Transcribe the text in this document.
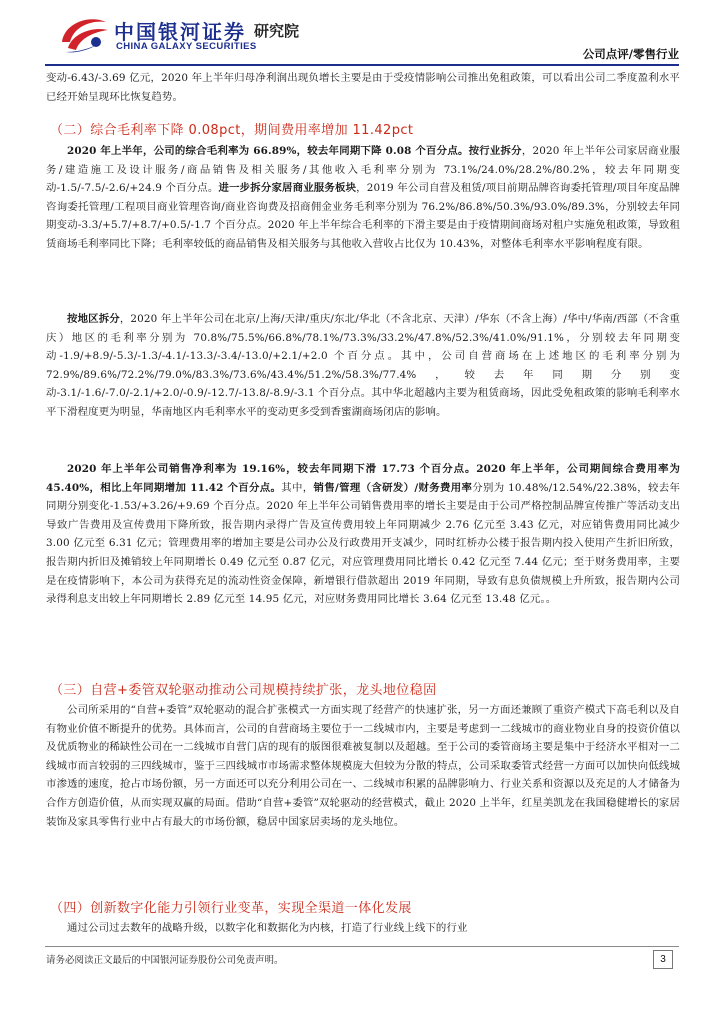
中国银河证券
CHINA GALAXY SECURITIES
研究院
公司点评/零售行业

变动-6.43/-3.69 亿元，2020 年上半年归母净利润出现负增长主要是由于受疫情影响公司推出免租政策，可以看出公司二季度盈利水平已经开始呈现环比恢复趋势。

（二）综合毛利率下降 0.08pct，期间费用率增加 11.42pct

2020 年上半年，公司的综合毛利率为 66.89%，较去年同期下降 0.08 个百分点。按行业拆分，2020 年上半年公司家居商业服务/建造施工及设计服务/商品销售及相关服务/其他收入毛利率分别为 73.1%/24.0%/28.2%/80.2%，较去年同期变动-1.5/-7.5/-2.6/+24.9 个百分点。进一步拆分家居商业服务板块，2019 年公司自营及租赁/项目前期品牌咨询委托管理/项目年度品牌咨询委托管理/工程项目商业管理咨询/商业咨询费及招商佣金业务毛利率分别为 76.2%/86.8%/50.3%/93.0%/89.3%，分别较去年同期变动-3.3/+5.7/+8.7/+0.5/-1.7 个百分点。2020 年上半年综合毛利率的下滑主要是由于疫情期间商场对租户实施免租政策，导致租赁商场毛利率同比下降；毛利率较低的商品销售及相关服务与其他收入营收占比仅为 10.43%，对整体毛利率水平影响程度有限。

按地区拆分，2020 年上半年公司在北京/上海/天津/重庆/东北/华北（不含北京、天津）/华东（不含上海）/华中/华南/西部（不含重庆）地区的毛利率分别为 70.8%/75.5%/66.8%/78.1%/73.3%/33.2%/47.8%/52.3%/41.0%/91.1%，分别较去年同期变动-1.9/+8.9/-5.3/-1.3/-4.1/-13.3/-3.4/-13.0/+2.1/+2.0 个百分点。其中，公司自营商场在上述地区的毛利率分别为 72.9%/89.6%/72.2%/79.0%/83.3%/73.6%/43.4%/51.2%/58.3%/77.4%，较去年同期分别变动-3.1/-1.6/-7.0/-2.1/+2.0/-0.9/-12.7/-13.8/-8.9/-3.1 个百分点。其中华北超越内主要为租赁商场，因此受免租政策的影响毛利率水平下滑程度更为明显，华南地区内毛利率水平的变动更多受到香蜜湖商场闭店的影响。

2020 年上半年公司销售净利率为 19.16%，较去年同期下滑 17.73 个百分点。2020 年上半年，公司期间综合费用率为 45.40%，相比上年同期增加 11.42 个百分点。其中，销售/管理（含研发）/财务费用率分别为 10.48%/12.54%/22.38%，较去年同期分别变化-1.53/+3.26/+9.69 个百分点。2020 年上半年公司销售费用率的增长主要是由于公司严格控制品牌宣传推广等活动支出导致广告费用及宣传费用下降所致，报告期内录得广告及宣传费用较上年同期减少 2.76 亿元至 3.43 亿元，对应销售费用同比减少 3.00 亿元至 6.31 亿元；管理费用率的增加主要是公司办公及行政费用开支减少，同时红桥办公楼于报告期内投入使用产生折旧所致，报告期内折旧及摊销较上年同期增长 0.49 亿元至 0.87 亿元，对应管理费用同比增长 0.42 亿元至 7.44 亿元；至于财务费用率，主要是在疫情影响下，本公司为获得充足的流动性资金保障，新增银行借款超出 2019 年同期，导致有息负债规模上升所致，报告期内公司录得利息支出较上年同期增长 2.89 亿元至 14.95 亿元，对应财务费用同比增长 3.64 亿元至 13.48 亿元。。

（三）自营+委管双轮驱动推动公司规模持续扩张，龙头地位稳固

公司所采用的“自营+委管”双轮驱动的混合扩张模式一方面实现了经营产的快速扩张，另一方面还兼顾了重资产模式下高毛利以及自有物业价值不断提升的优势。具体而言，公司的自营商场主要位于一二线城市内，主要是考虑到一二线城市的商业物业自身的投资价值以及优质物业的稀缺性公司在一二线城市自营门店的现有的版图很难被复制以及超越。至于公司的委管商场主要是集中于经济水平相对一二线城市而言较弱的三四线城市，鉴于三四线城市市场需求整体规模庞大但较为分散的特点，公司采取委管式经营一方面可以加快向低线城市渗透的速度，抢占市场份额，另一方面还可以充分利用公司在一、二线城市积累的品牌影响力、行业关系和资源以及充足的人才储备为合作方创造价值，从而实现双赢的局面。借助“自营+委管”双轮驱动的经营模式，截止 2020 上半年，红星美凯龙在我国稳健增长的家居装饰及家具零售行业中占有最大的市场份额，稳居中国家居卖场的龙头地位。

（四）创新数字化能力引领行业变革，实现全渠道一体化发展

通过公司过去数年的战略升级，以数字化和数据化为内核，打造了行业线上线下的行业

请务必阅读正文最后的中国银河证券股份公司免责声明。	3
